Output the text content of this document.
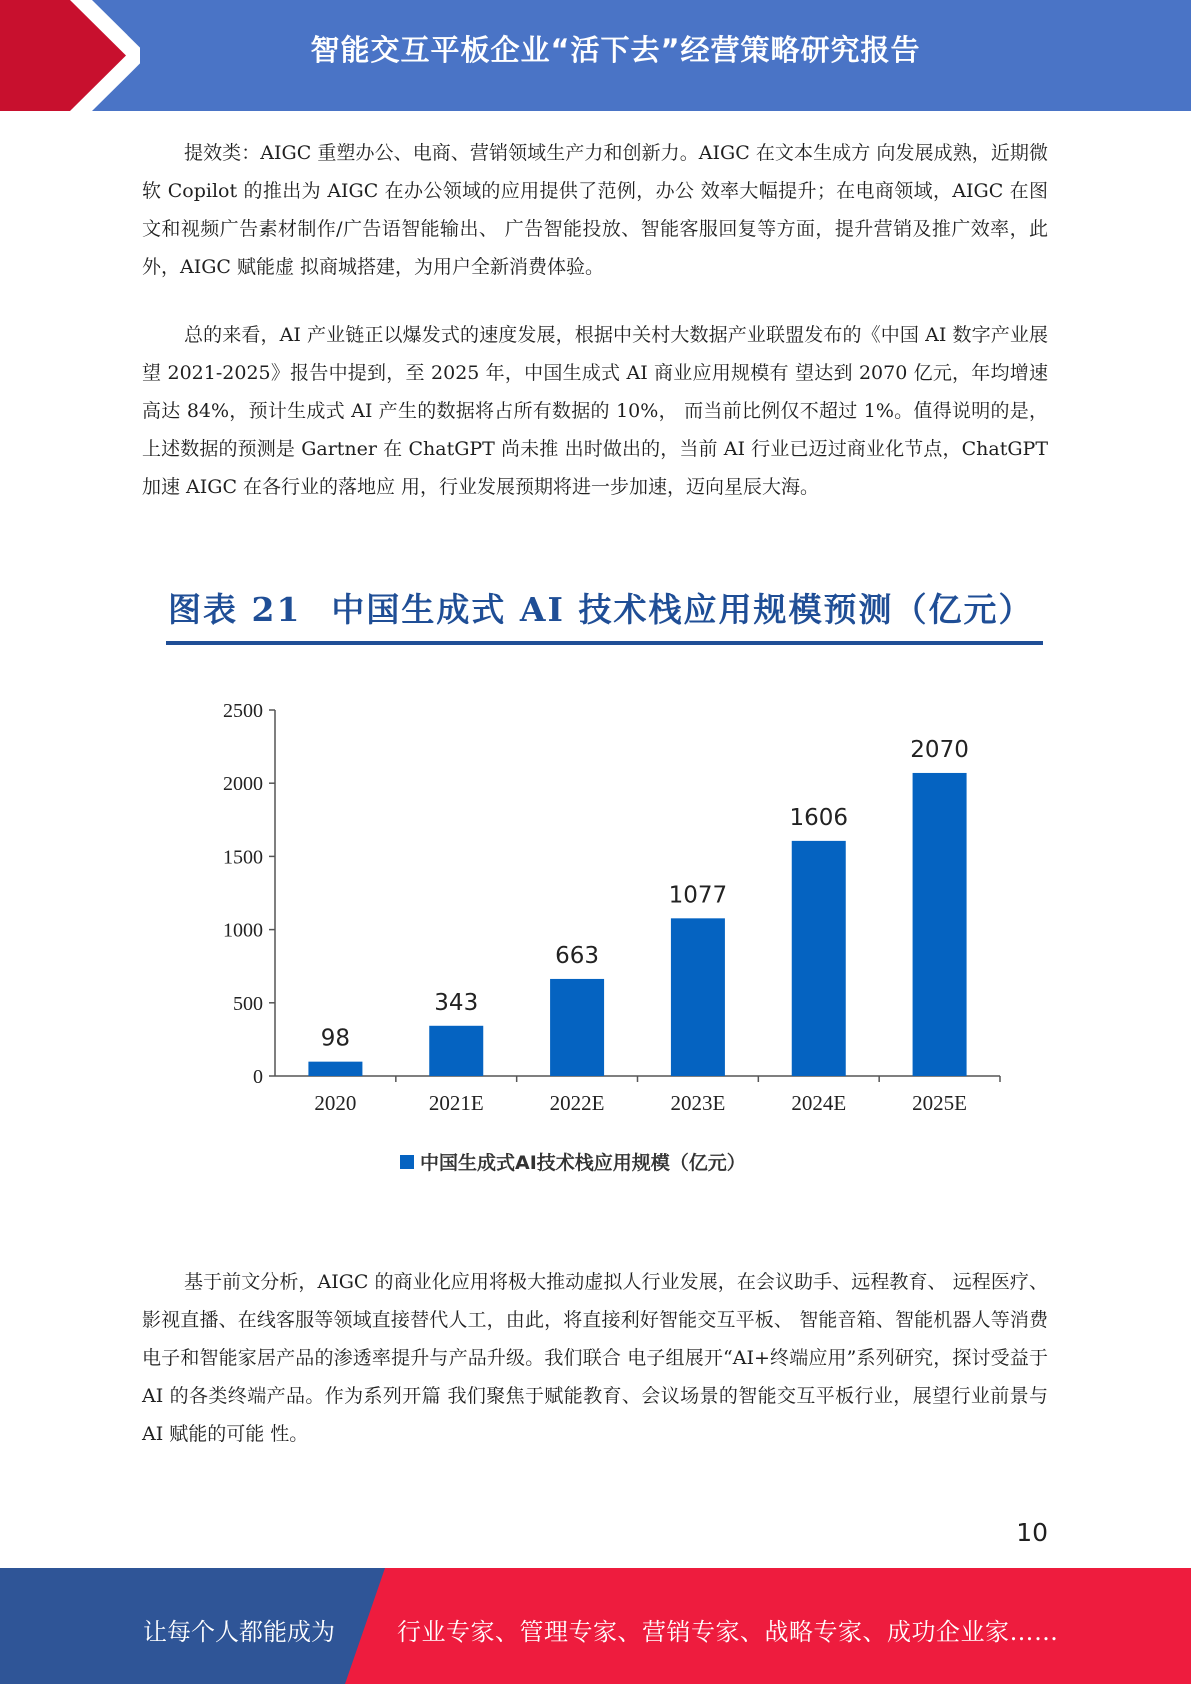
智能交互平板企业“活下去”经营策略研究报告

提效类：AIGC 重塑办公、电商、营销领域生产力和创新力。AIGC 在文本生成方 向发展成熟，近期微软 Copilot 的推出为 AIGC 在办公领域的应用提供了范例，办公 效率大幅提升；在电商领域，AIGC 在图文和视频广告素材制作/广告语智能输出、 广告智能投放、智能客服回复等方面，提升营销及推广效率，此外，AIGC 赋能虚 拟商城搭建，为用户全新消费体验。

总的来看，AI 产业链正以爆发式的速度发展，根据中关村大数据产业联盟发布的《中国 AI 数字产业展望 2021-2025》报告中提到，至 2025 年，中国生成式 AI 商业应用规模有 望达到 2070 亿元，年均增速高达 84%，预计生成式 AI 产生的数据将占所有数据的 10%， 而当前比例仅不超过 1%。值得说明的是，上述数据的预测是 Gartner 在 ChatGPT 尚未推 出时做出的，当前 AI 行业已迈过商业化节点，ChatGPT 加速 AIGC 在各行业的落地应 用，行业发展预期将进一步加速，迈向星辰大海。

图表 21 中国生成式 AI 技术栈应用规模预测（亿元）
0
500
1000
1500
2000
2500
98
2020
343
2021E
663
2022E
1077
2023E
1606
2024E
2070
2025E
中国生成式AI技术栈应用规模（亿元）

基于前文分析，AIGC 的商业化应用将极大推动虚拟人行业发展，在会议助手、远程教育、 远程医疗、影视直播、在线客服等领域直接替代人工，由此，将直接利好智能交互平板、 智能音箱、智能机器人等消费电子和智能家居产品的渗透率提升与产品升级。我们联合 电子组展开“AI+终端应用”系列研究，探讨受益于 AI 的各类终端产品。作为系列开篇 我们聚焦于赋能教育、会议场景的智能交互平板行业，展望行业前景与 AI 赋能的可能 性。

10
让每个人都能成为	行业专家、管理专家、营销专家、战略专家、成功企业家……
